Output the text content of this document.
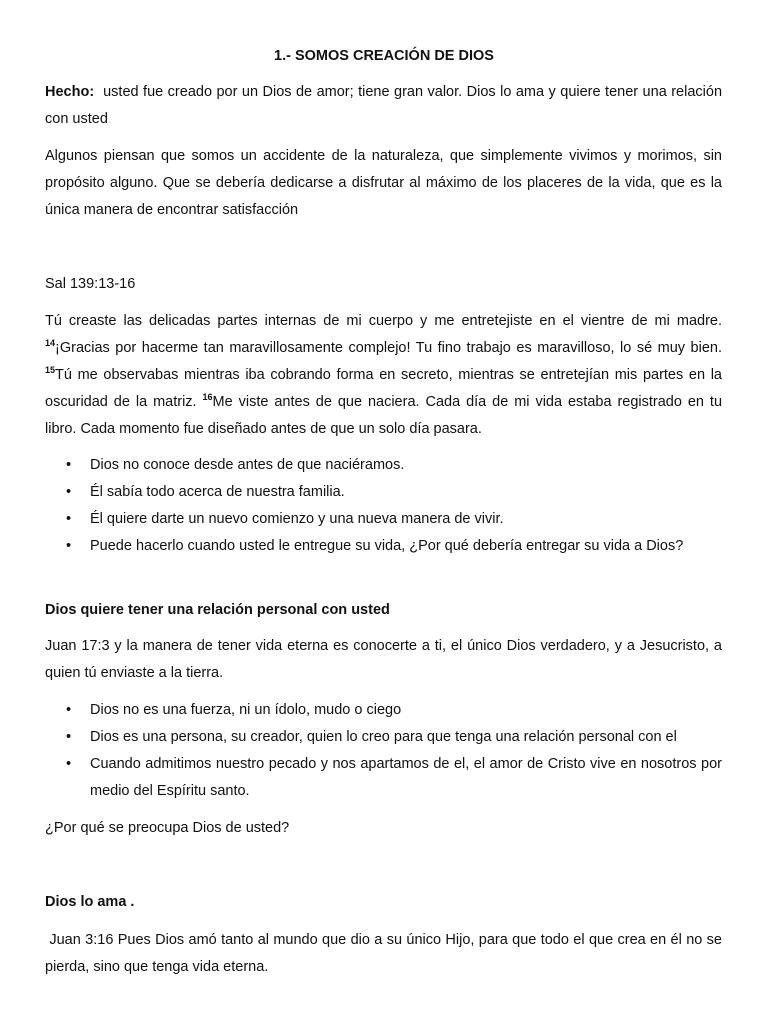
1.- SOMOS CREACIÓN DE DIOS

Hecho: usted fue creado por un Dios de amor; tiene gran valor. Dios lo ama y quiere tener una relación con usted

Algunos piensan que somos un accidente de la naturaleza, que simplemente vivimos y morimos, sin propósito alguno. Que se debería dedicarse a disfrutar al máximo de los placeres de la vida, que es la única manera de encontrar satisfacción

Sal 139:13-16

Tú creaste las delicadas partes internas de mi cuerpo y me entretejiste en el vientre de mi madre. $^{14}$¡Gracias por hacerme tan maravillosamente complejo! Tu fino trabajo es maravilloso, lo sé muy bien. $^{15}$Tú me observabas mientras iba cobrando forma en secreto, mientras se entretejían mis partes en la oscuridad de la matriz. $^{16}$Me viste antes de que naciera. Cada día de mi vida estaba registrado en tu libro. Cada momento fue diseñado antes de que un solo día pasara.

• Dios no conoce desde antes de que naciéramos.
• Él sabía todo acerca de nuestra familia.
• Él quiere darte un nuevo comienzo y una nueva manera de vivir.
• Puede hacerlo cuando usted le entregue su vida, ¿Por qué debería entregar su vida a Dios?

Dios quiere tener una relación personal con usted

Juan 17:3 y la manera de tener vida eterna es conocerte a ti, el único Dios verdadero, y a Jesucristo, a quien tú enviaste a la tierra.

• Dios no es una fuerza, ni un ídolo, mudo o ciego
• Dios es una persona, su creador, quien lo creo para que tenga una relación personal con el
• Cuando admitimos nuestro pecado y nos apartamos de el, el amor de Cristo vive en nosotros por medio del Espíritu santo.

¿Por qué se preocupa Dios de usted?

Dios lo ama .

Juan 3:16 Pues Dios amó tanto al mundo que dio a su único Hijo, para que todo el que crea en él no se pierda, sino que tenga vida eterna.
